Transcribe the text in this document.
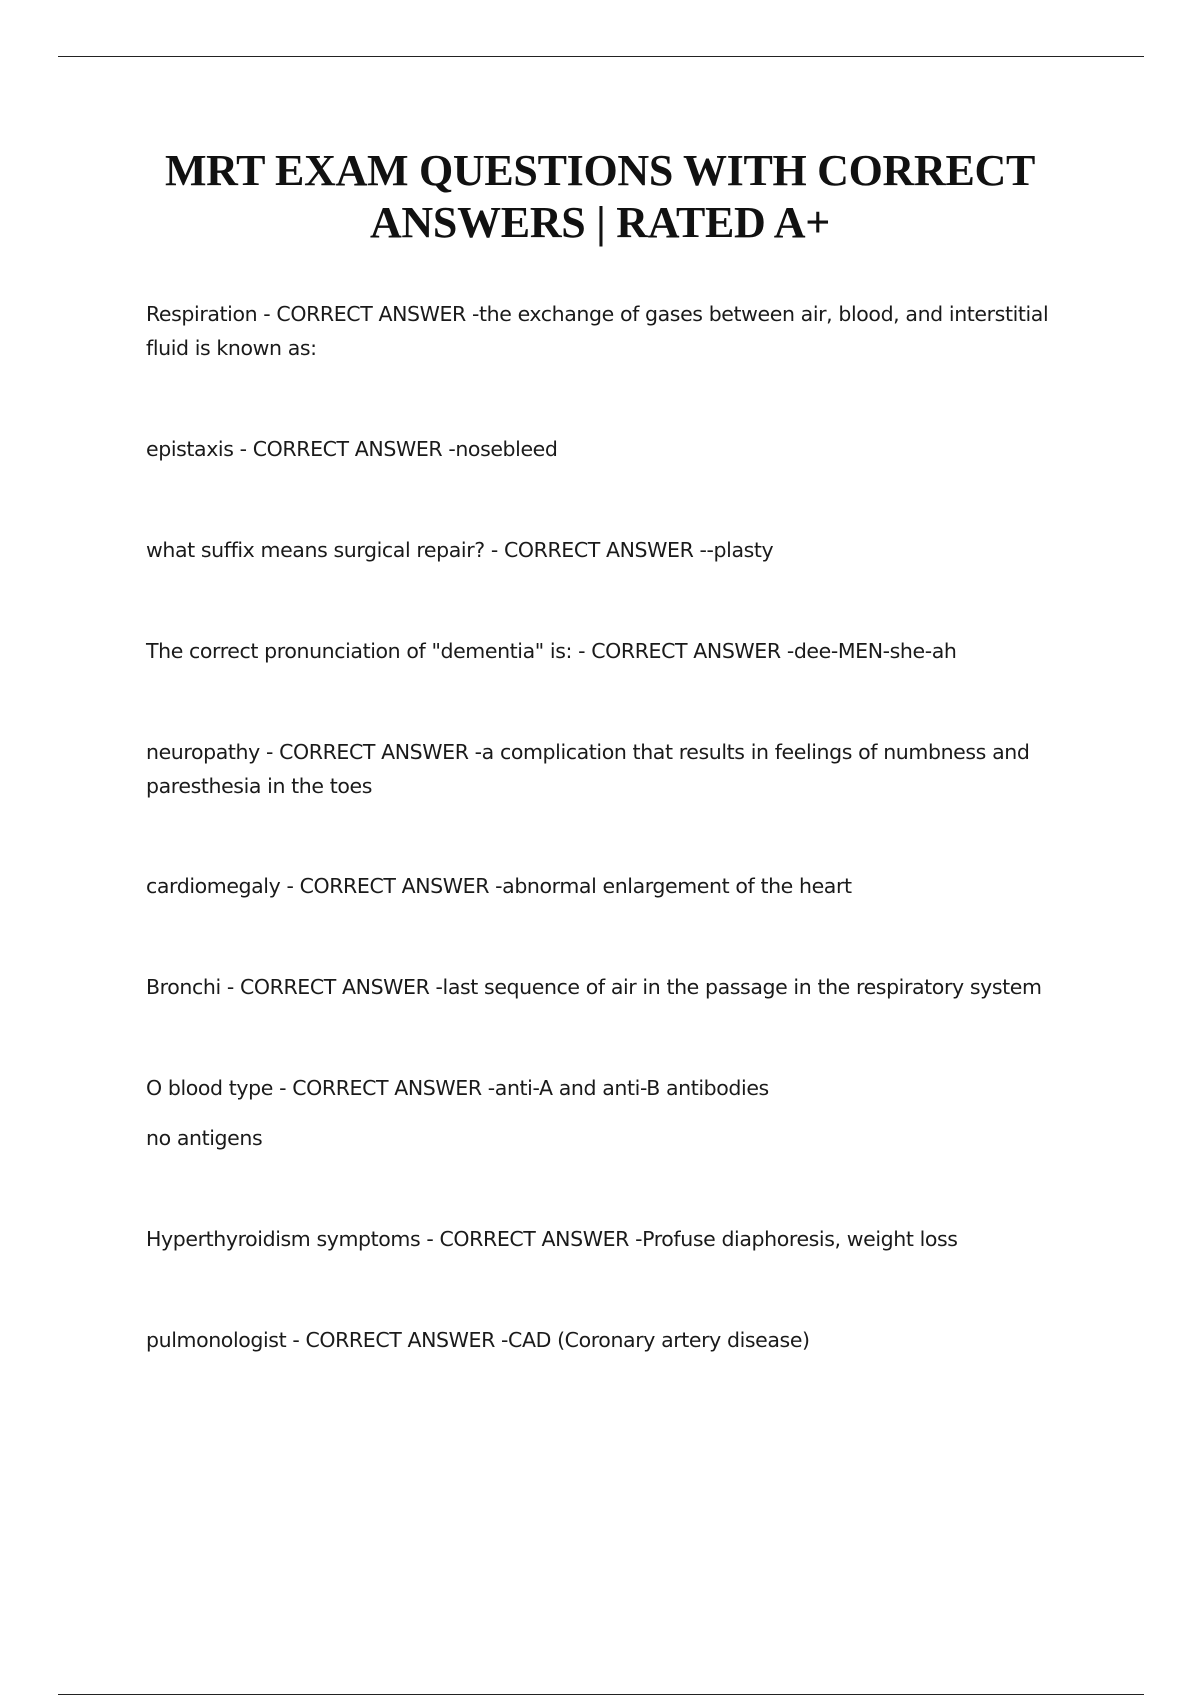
MRT EXAM QUESTIONS WITH CORRECT ANSWERS | RATED A+

Respiration - CORRECT ANSWER -the exchange of gases between air, blood, and interstitial fluid is known as:

epistaxis - CORRECT ANSWER -nosebleed

what suffix means surgical repair? - CORRECT ANSWER --plasty

The correct pronunciation of "dementia" is: - CORRECT ANSWER -dee-MEN-she-ah

neuropathy - CORRECT ANSWER -a complication that results in feelings of numbness and paresthesia in the toes

cardiomegaly - CORRECT ANSWER -abnormal enlargement of the heart

Bronchi - CORRECT ANSWER -last sequence of air in the passage in the respiratory system

O blood type - CORRECT ANSWER -anti-A and anti-B antibodies

no antigens

Hyperthyroidism symptoms - CORRECT ANSWER -Profuse diaphoresis, weight loss

pulmonologist - CORRECT ANSWER -CAD (Coronary artery disease)
